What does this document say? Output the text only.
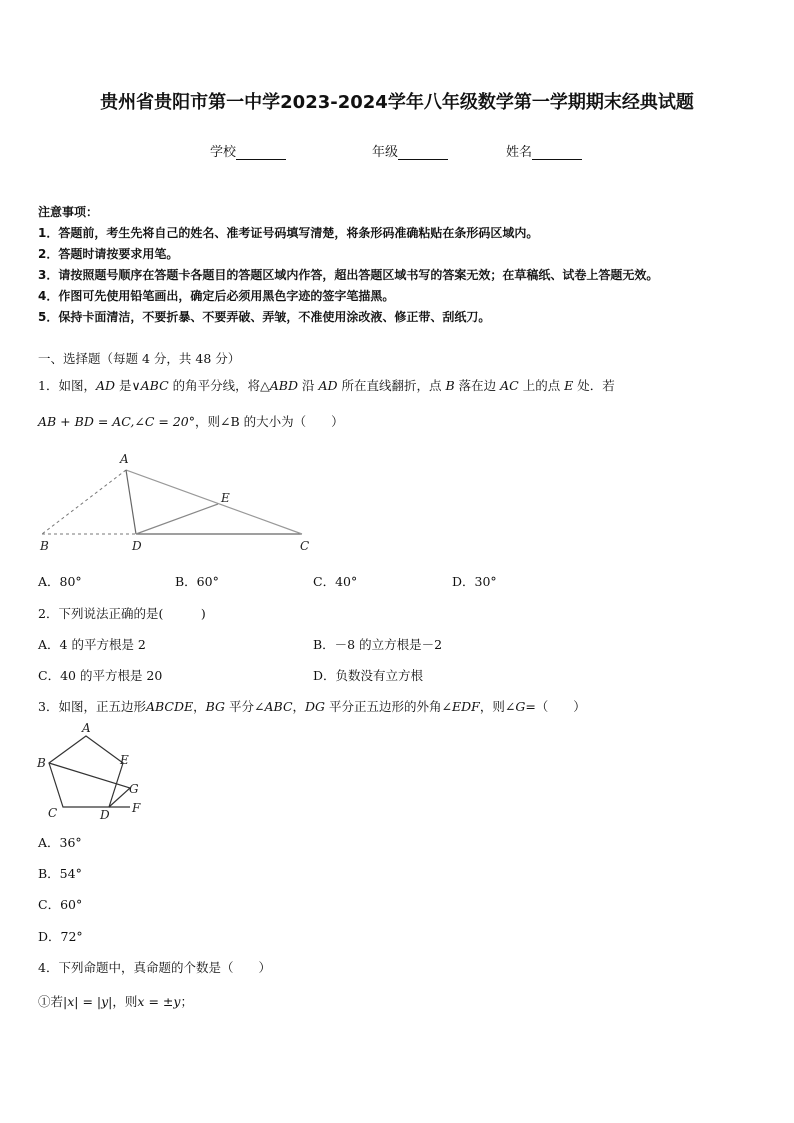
贵州省贵阳市第一中学2023-2024学年八年级数学第一学期期末经典试题
学校	年级	姓名
注意事项：
1．答题前，考生先将自己的姓名、准考证号码填写清楚，将条形码准确粘贴在条形码区域内。
2．答题时请按要求用笔。
3．请按照题号顺序在答题卡各题目的答题区域内作答，超出答题区域书写的答案无效；在草稿纸、试卷上答题无效。
4．作图可先使用铅笔画出，确定后必须用黑色字迹的签字笔描黑。
5．保持卡面清洁，不要折暴、不要弄破、弄皱，不准使用涂改液、修正带、刮纸刀。
一、选择题（每题 4 分，共 48 分）
1．如图，AD 是∨ABC 的角平分线，将△ABD 沿 AD 所在直线翻折，点 B 落在边 AC 上的点 E 处．若
AB + BD = AC,∠C = 20°，则∠B 的大小为（　　）
A
B	D	C
E
A．80°	B．60°	C．40°	D．30°
2．下列说法正确的是(　　　)
A．4 的平方根是 2	B．－8 的立方根是－2
C．40 的平方根是 20	D．负数没有立方根
3．如图，正五边形ABCDE，BG 平分∠ABC，DG 平分正五边形的外角∠EDF，则∠G=（　　）
A
B	E
G
F
C	D
A．36°
B．54°
C．60°
D．72°
4．下列命题中，真命题的个数是（　　）
①若|x| = |y|，则x = ±y；
